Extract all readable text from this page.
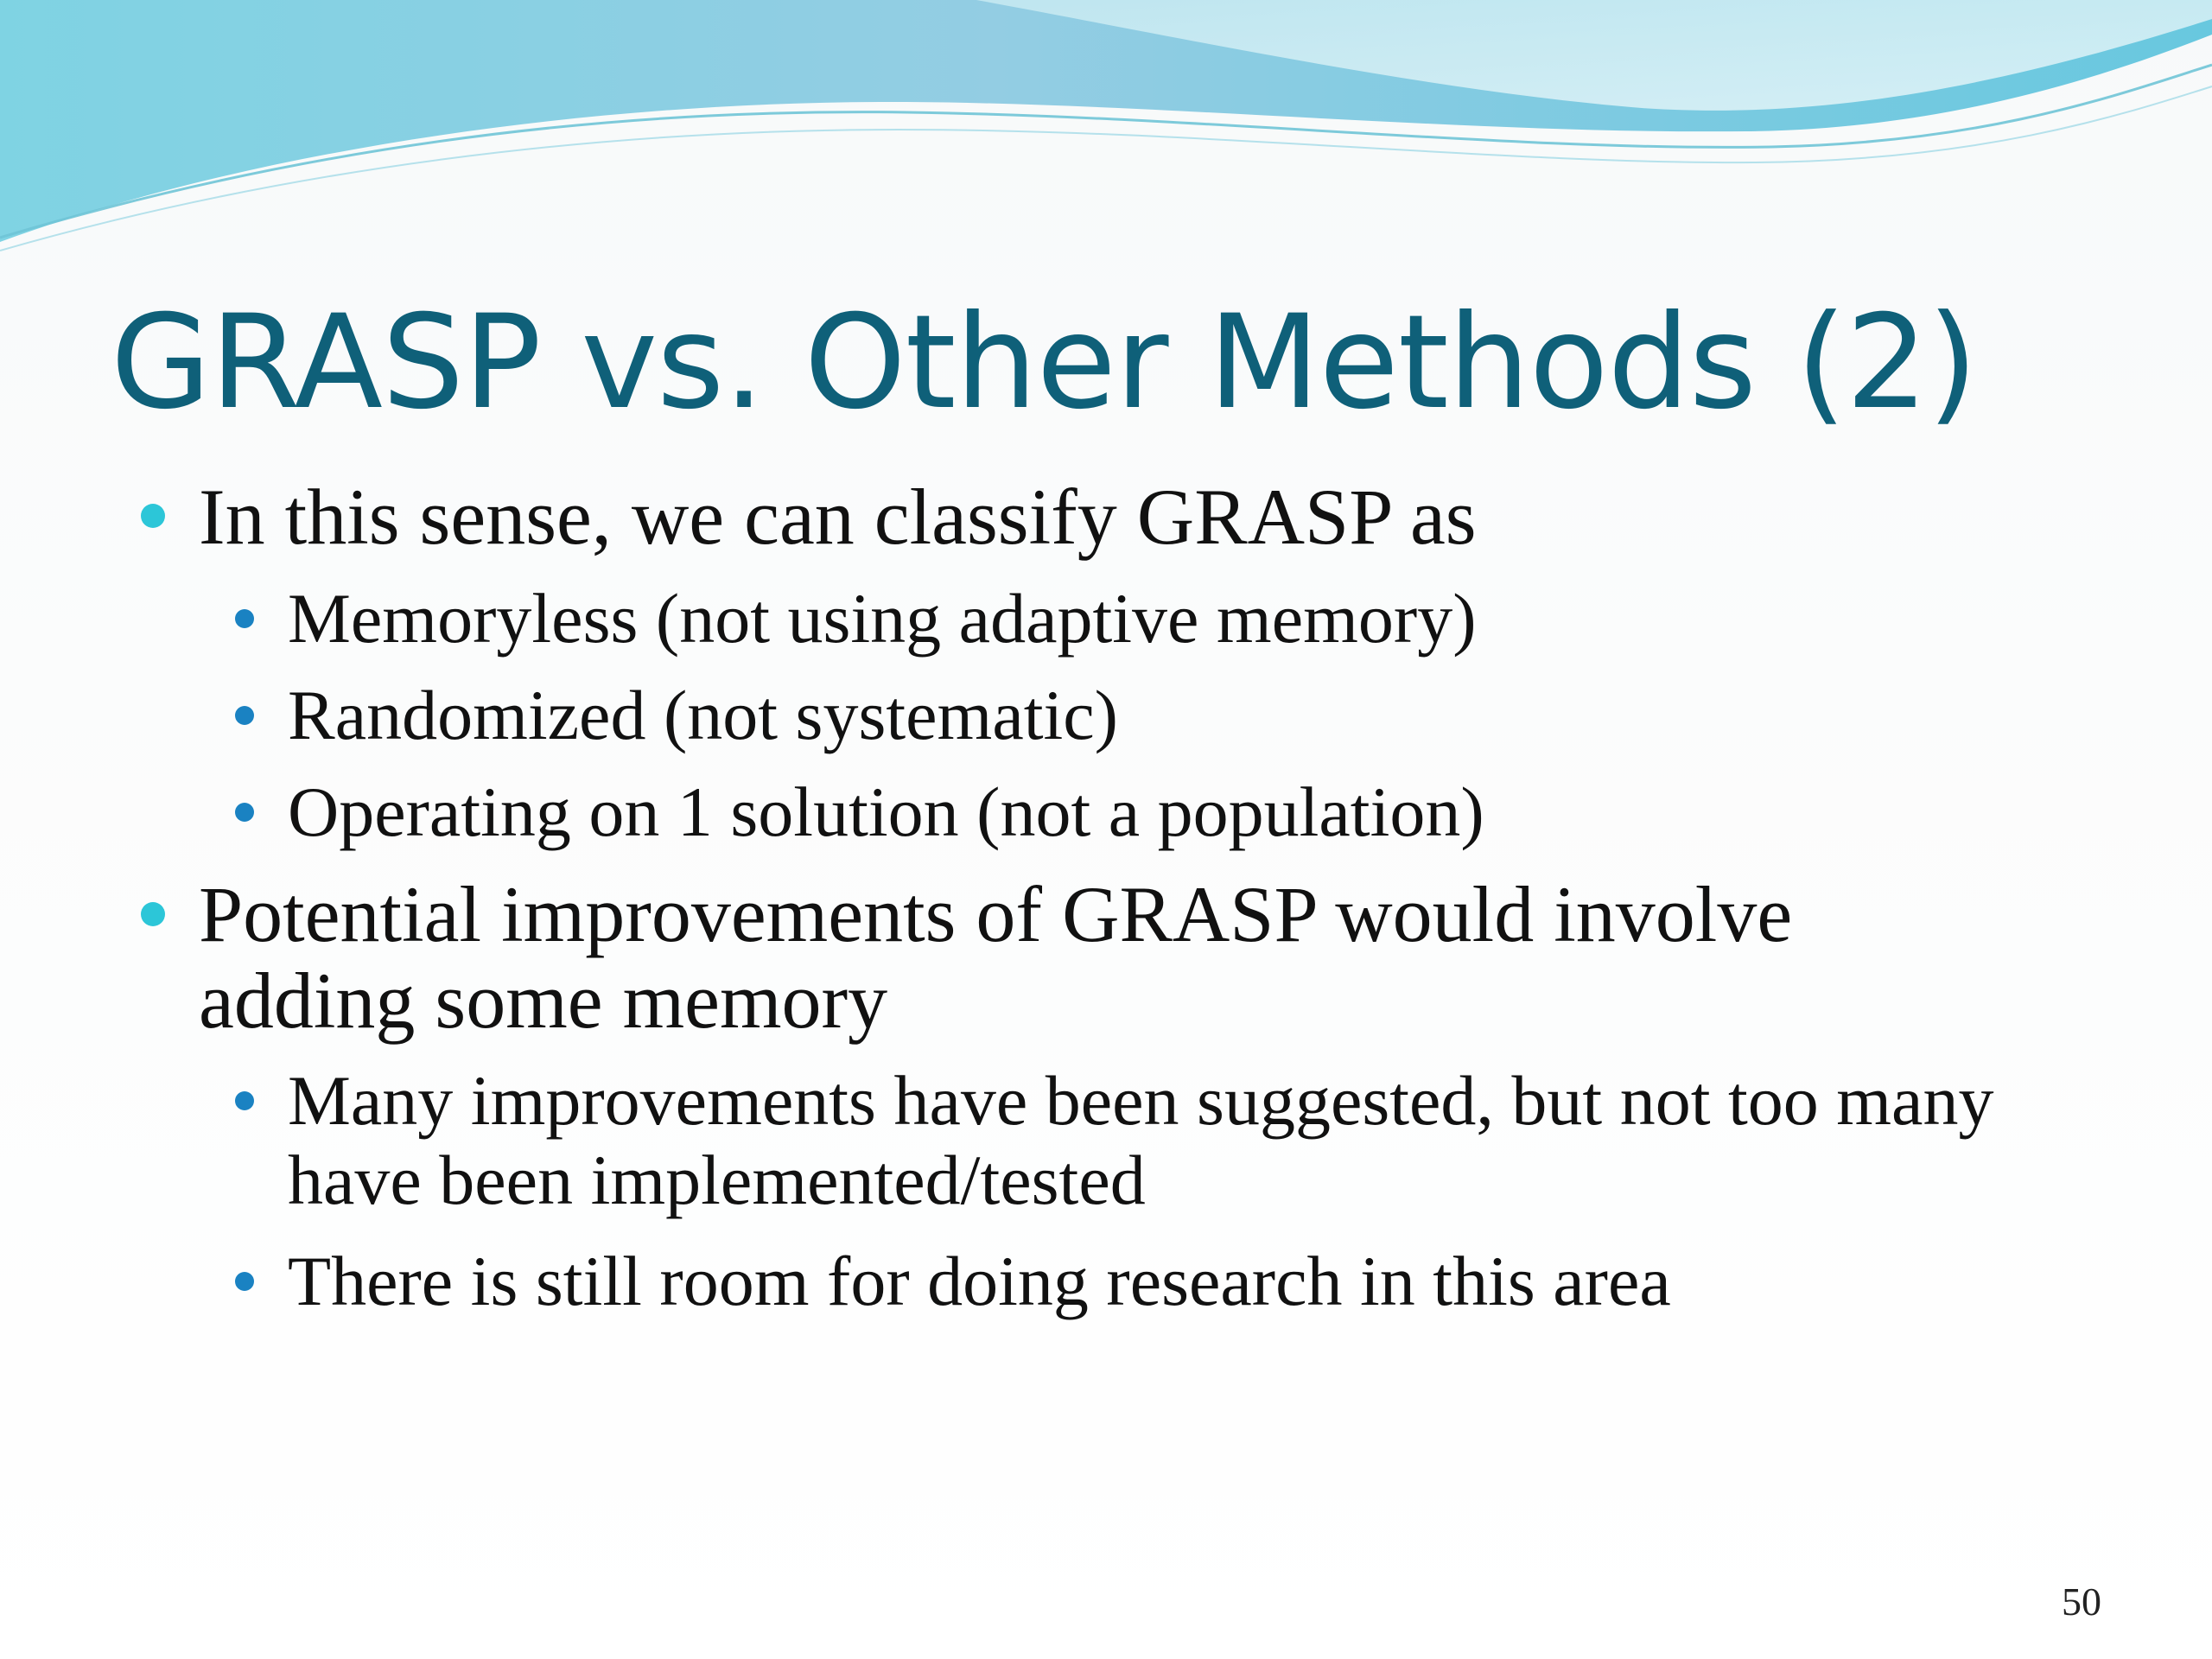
GRASP vs. Other Methods (2)
In this sense, we can classify GRASP as
Memoryless (not using adaptive memory)
Randomized (not systematic)
Operating on 1 solution (not a population)
Potential improvements of GRASP would involve adding some memory
Many improvements have been suggested, but not too many have been implemented/tested
There is still room for doing research in this area
50
